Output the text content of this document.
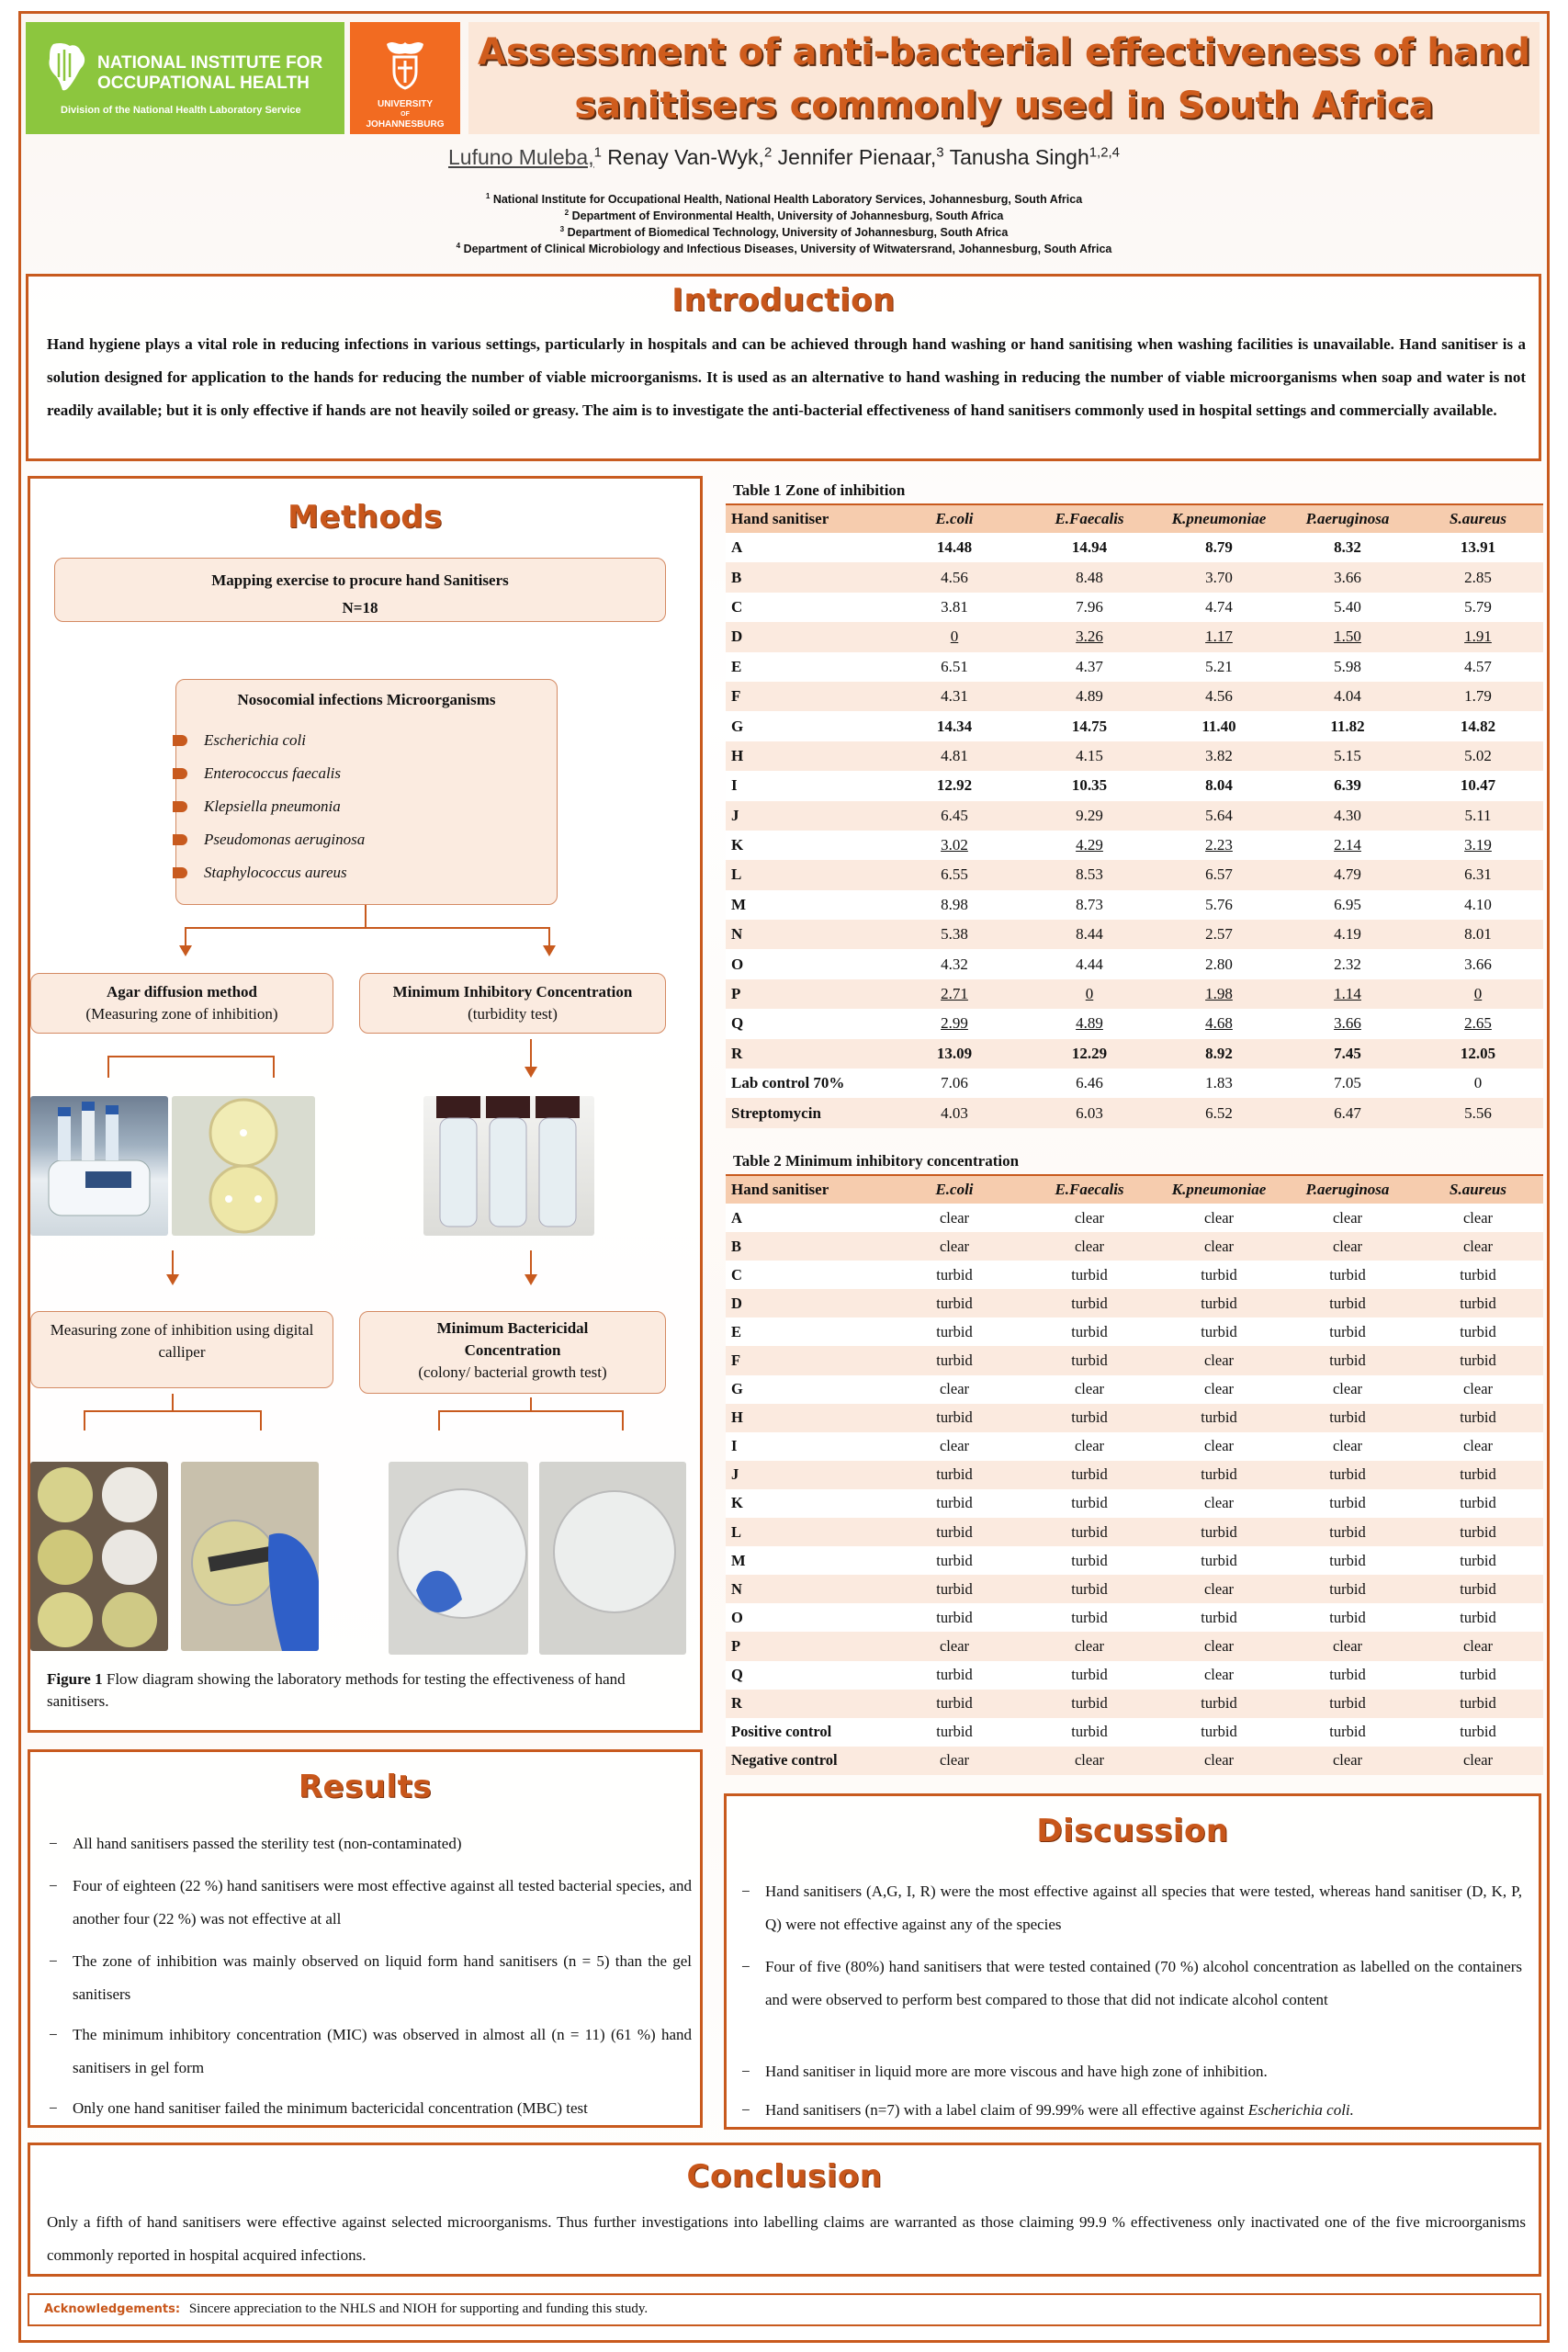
NATIONAL INSTITUTE FOR
OCCUPATIONAL HEALTH
Division of the National Health Laboratory Service
UNIVERSITY
OF
JOHANNESBURG
Assessment of anti-bacterial effectiveness of hand
sanitisers commonly used in South Africa
Lufuno Muleba,$^1$ Renay Van-Wyk,$^2$ Jennifer Pienaar,$^3$ Tanusha Singh$^{1,2,4}$
$^1$ National Institute for Occupational Health, National Health Laboratory Services, Johannesburg, South Africa
$^2$ Department of Environmental Health, University of Johannesburg, South Africa
$^3$ Department of Biomedical Technology, University of Johannesburg, South Africa
$^4$ Department of Clinical Microbiology and Infectious Diseases, University of Witwatersrand, Johannesburg, South Africa
Introduction
Hand hygiene plays a vital role in reducing infections in various settings, particularly in hospitals and can be achieved through hand washing or hand sanitising when washing facilities is unavailable. Hand sanitiser is a solution designed for application to the hands for reducing the number of viable microorganisms. It is used as an alternative to hand washing in reducing the number of viable microorganisms when soap and water is not readily available; but it is only effective if hands are not heavily soiled or greasy. The aim is to investigate the anti-bacterial effectiveness of hand sanitisers commonly used in hospital settings and commercially available.
Methods
Mapping exercise to procure hand Sanitisers
N=18
Nosocomial infections Microorganisms
Escherichia coli
Enterococcus faecalis
Klepsiella pneumonia
Pseudomonas aeruginosa
Staphylococcus aureus
Agar diffusion method
(Measuring zone of inhibition)
Minimum Inhibitory Concentration
(turbidity test)
Measuring zone of inhibition using digital calliper
Minimum Bactericidal Concentration
(colony/ bacterial growth test)
Figure 1 Flow diagram showing the laboratory methods for testing the effectiveness of hand sanitisers.
Table 1 Zone of inhibition
Hand sanitiser	E.coli	E.Faecalis	K.pneumoniae	P.aeruginosa	S.aureus
A	14.48	14.94	8.79	8.32	13.91
B	4.56	8.48	3.70	3.66	2.85
C	3.81	7.96	4.74	5.40	5.79
D	0	3.26	1.17	1.50	1.91
E	6.51	4.37	5.21	5.98	4.57
F	4.31	4.89	4.56	4.04	1.79
G	14.34	14.75	11.40	11.82	14.82
H	4.81	4.15	3.82	5.15	5.02
I	12.92	10.35	8.04	6.39	10.47
J	6.45	9.29	5.64	4.30	5.11
K	3.02	4.29	2.23	2.14	3.19
L	6.55	8.53	6.57	4.79	6.31
M	8.98	8.73	5.76	6.95	4.10
N	5.38	8.44	2.57	4.19	8.01
O	4.32	4.44	2.80	2.32	3.66
P	2.71	0	1.98	1.14	0
Q	2.99	4.89	4.68	3.66	2.65
R	13.09	12.29	8.92	7.45	12.05
Lab control 70%	7.06	6.46	1.83	7.05	0
Streptomycin	4.03	6.03	6.52	6.47	5.56
Table 2 Minimum inhibitory concentration
Hand sanitiser	E.coli	E.Faecalis	K.pneumoniae	P.aeruginosa	S.aureus
A	clear	clear	clear	clear	clear
B	clear	clear	clear	clear	clear
C	turbid	turbid	turbid	turbid	turbid
D	turbid	turbid	turbid	turbid	turbid
E	turbid	turbid	turbid	turbid	turbid
F	turbid	turbid	clear	turbid	turbid
G	clear	clear	clear	clear	clear
H	turbid	turbid	turbid	turbid	turbid
I	clear	clear	clear	clear	clear
J	turbid	turbid	turbid	turbid	turbid
K	turbid	turbid	clear	turbid	turbid
L	turbid	turbid	turbid	turbid	turbid
M	turbid	turbid	turbid	turbid	turbid
N	turbid	turbid	clear	turbid	turbid
O	turbid	turbid	turbid	turbid	turbid
P	clear	clear	clear	clear	clear
Q	turbid	turbid	clear	turbid	turbid
R	turbid	turbid	turbid	turbid	turbid
Positive control	turbid	turbid	turbid	turbid	turbid
Negative control	clear	clear	clear	clear	clear
Results
− All hand sanitisers passed the sterility test (non-contaminated)
− Four of eighteen (22 %) hand sanitisers were most effective against all tested bacterial species, and another four (22 %) was not effective at all
− The zone of inhibition was mainly observed on liquid form hand sanitisers (n = 5) than the gel sanitisers
− The minimum inhibitory concentration (MIC) was observed in almost all (n = 11) (61 %) hand sanitisers in gel form
− Only one hand sanitiser failed the minimum bactericidal concentration (MBC) test
Discussion
− Hand sanitisers (A,G, I, R) were the most effective against all species that were tested, whereas hand sanitiser (D, K, P, Q) were not effective against any of the species
− Four of five (80%) hand sanitisers that were tested contained (70 %) alcohol concentration as labelled on the containers and were observed to perform best compared to those that did not indicate alcohol content
− Hand sanitiser in liquid more are more viscous and have high zone of inhibition.
− Hand sanitisers (n=7) with a label claim of 99.99% were all effective against Escherichia coli.
Conclusion
Only a fifth of hand sanitisers were effective against selected microorganisms. Thus further investigations into labelling claims are warranted as those claiming 99.9 % effectiveness only inactivated one of the five microorganisms commonly reported in hospital acquired infections.
Acknowledgements: Sincere appreciation to the NHLS and NIOH for supporting and funding this study.
